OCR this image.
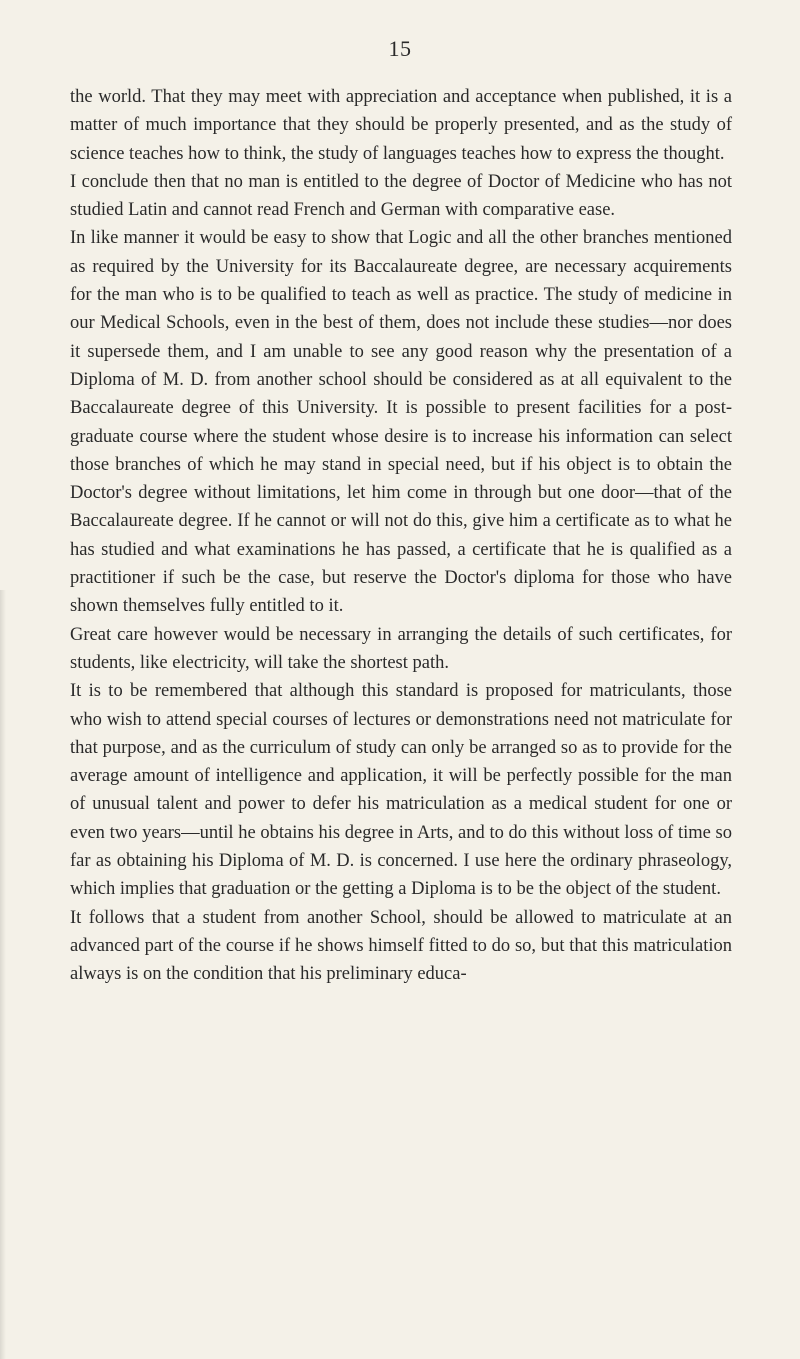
15

the world. That they may meet with appreciation and acceptance when published, it is a matter of much importance that they should be properly presented, and as the study of science teaches how to think, the study of languages teaches how to express the thought.

I conclude then that no man is entitled to the degree of Doctor of Medicine who has not studied Latin and cannot read French and German with comparative ease.

In like manner it would be easy to show that Logic and all the other branches mentioned as required by the University for its Baccalaureate degree, are necessary acquirements for the man who is to be qualified to teach as well as practice. The study of medicine in our Medical Schools, even in the best of them, does not include these studies—nor does it supersede them, and I am unable to see any good reason why the presentation of a Diploma of M. D. from another school should be considered as at all equivalent to the Baccalaureate degree of this University. It is possible to present facilities for a post-graduate course where the student whose desire is to increase his information can select those branches of which he may stand in special need, but if his object is to obtain the Doctor's degree without limitations, let him come in through but one door—that of the Baccalaureate degree. If he cannot or will not do this, give him a certificate as to what he has studied and what examinations he has passed, a certificate that he is qualified as a practitioner if such be the case, but reserve the Doctor's diploma for those who have shown themselves fully entitled to it.

Great care however would be necessary in arranging the details of such certificates, for students, like electricity, will take the shortest path.

It is to be remembered that although this standard is proposed for matriculants, those who wish to attend special courses of lectures or demonstrations need not matriculate for that purpose, and as the curriculum of study can only be arranged so as to provide for the average amount of intelligence and application, it will be perfectly possible for the man of unusual talent and power to defer his matriculation as a medical student for one or even two years—until he obtains his degree in Arts, and to do this without loss of time so far as obtaining his Diploma of M. D. is concerned. I use here the ordinary phraseology, which implies that graduation or the getting a Diploma is to be the object of the student.

It follows that a student from another School, should be allowed to matriculate at an advanced part of the course if he shows himself fitted to do so, but that this matriculation always is on the condition that his preliminary educa-
